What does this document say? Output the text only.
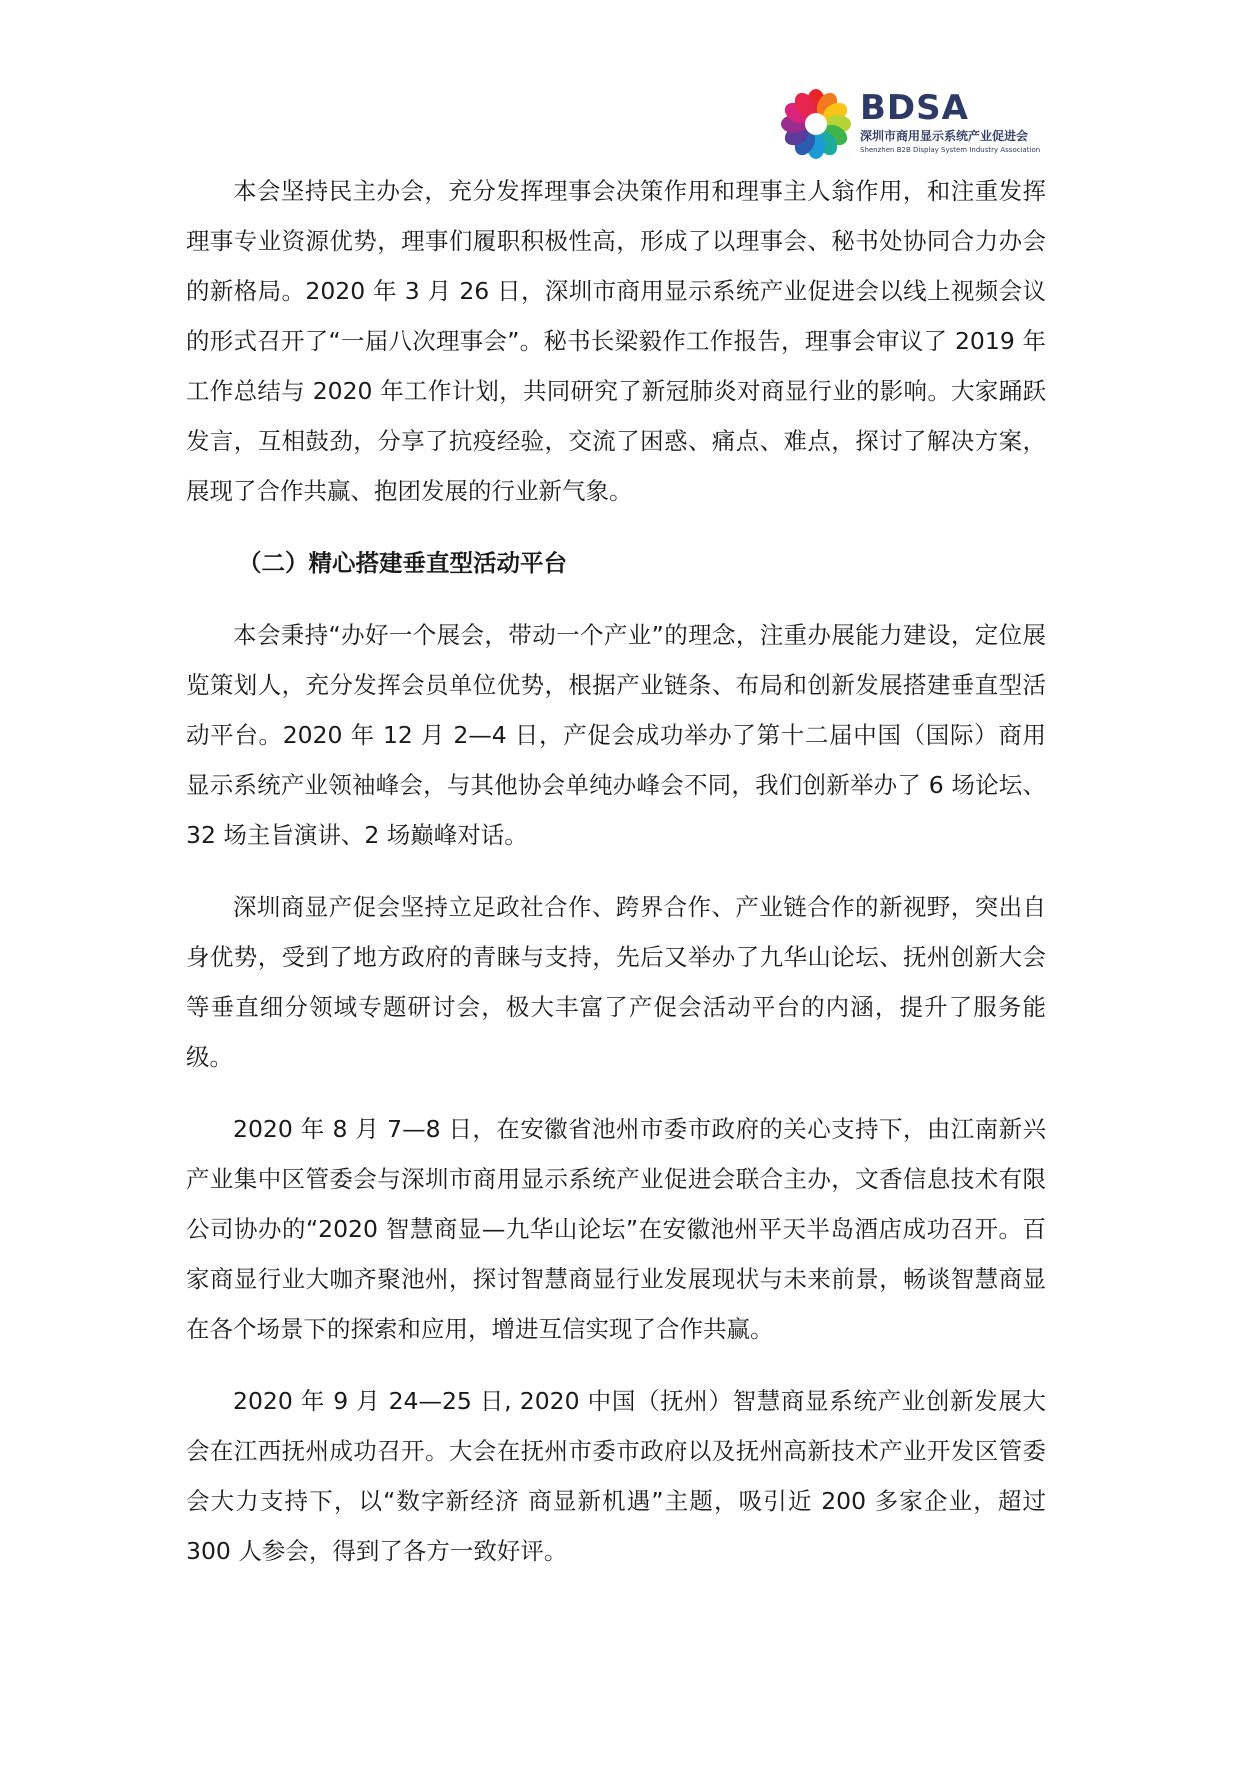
BDSA
深圳市商用显示系统产业促进会
Shenzhen B2B Display System Industry Association

本会坚持民主办会，充分发挥理事会决策作用和理事主人翁作用，和注重发挥理事专业资源优势，理事们履职积极性高，形成了以理事会、秘书处协同合力办会的新格局。2020 年 3 月 26 日，深圳市商用显示系统产业促进会以线上视频会议的形式召开了“一届八次理事会”。秘书长梁毅作工作报告，理事会审议了 2019 年工作总结与 2020 年工作计划，共同研究了新冠肺炎对商显行业的影响。大家踊跃发言，互相鼓劲，分享了抗疫经验，交流了困惑、痛点、难点，探讨了解决方案，展现了合作共赢、抱团发展的行业新气象。

（二）精心搭建垂直型活动平台

本会秉持“办好一个展会，带动一个产业”的理念，注重办展能力建设，定位展览策划人，充分发挥会员单位优势，根据产业链条、布局和创新发展搭建垂直型活动平台。2020 年 12 月 2—4 日，产促会成功举办了第十二届中国（国际）商用显示系统产业领袖峰会，与其他协会单纯办峰会不同，我们创新举办了 6 场论坛、32 场主旨演讲、2 场巅峰对话。

深圳商显产促会坚持立足政社合作、跨界合作、产业链合作的新视野，突出自身优势，受到了地方政府的青睐与支持，先后又举办了九华山论坛、抚州创新大会等垂直细分领域专题研讨会，极大丰富了产促会活动平台的内涵，提升了服务能级。

2020 年 8 月 7—8 日，在安徽省池州市委市政府的关心支持下，由江南新兴产业集中区管委会与深圳市商用显示系统产业促进会联合主办，文香信息技术有限公司协办的“2020 智慧商显—九华山论坛”在安徽池州平天半岛酒店成功召开。百家商显行业大咖齐聚池州，探讨智慧商显行业发展现状与未来前景，畅谈智慧商显在各个场景下的探索和应用，增进互信实现了合作共赢。

2020 年 9 月 24—25 日, 2020 中国（抚州）智慧商显系统产业创新发展大会在江西抚州成功召开。大会在抚州市委市政府以及抚州高新技术产业开发区管委会大力支持下，以“数字新经济 商显新机遇”主题，吸引近 200 多家企业，超过 300 人参会，得到了各方一致好评。
